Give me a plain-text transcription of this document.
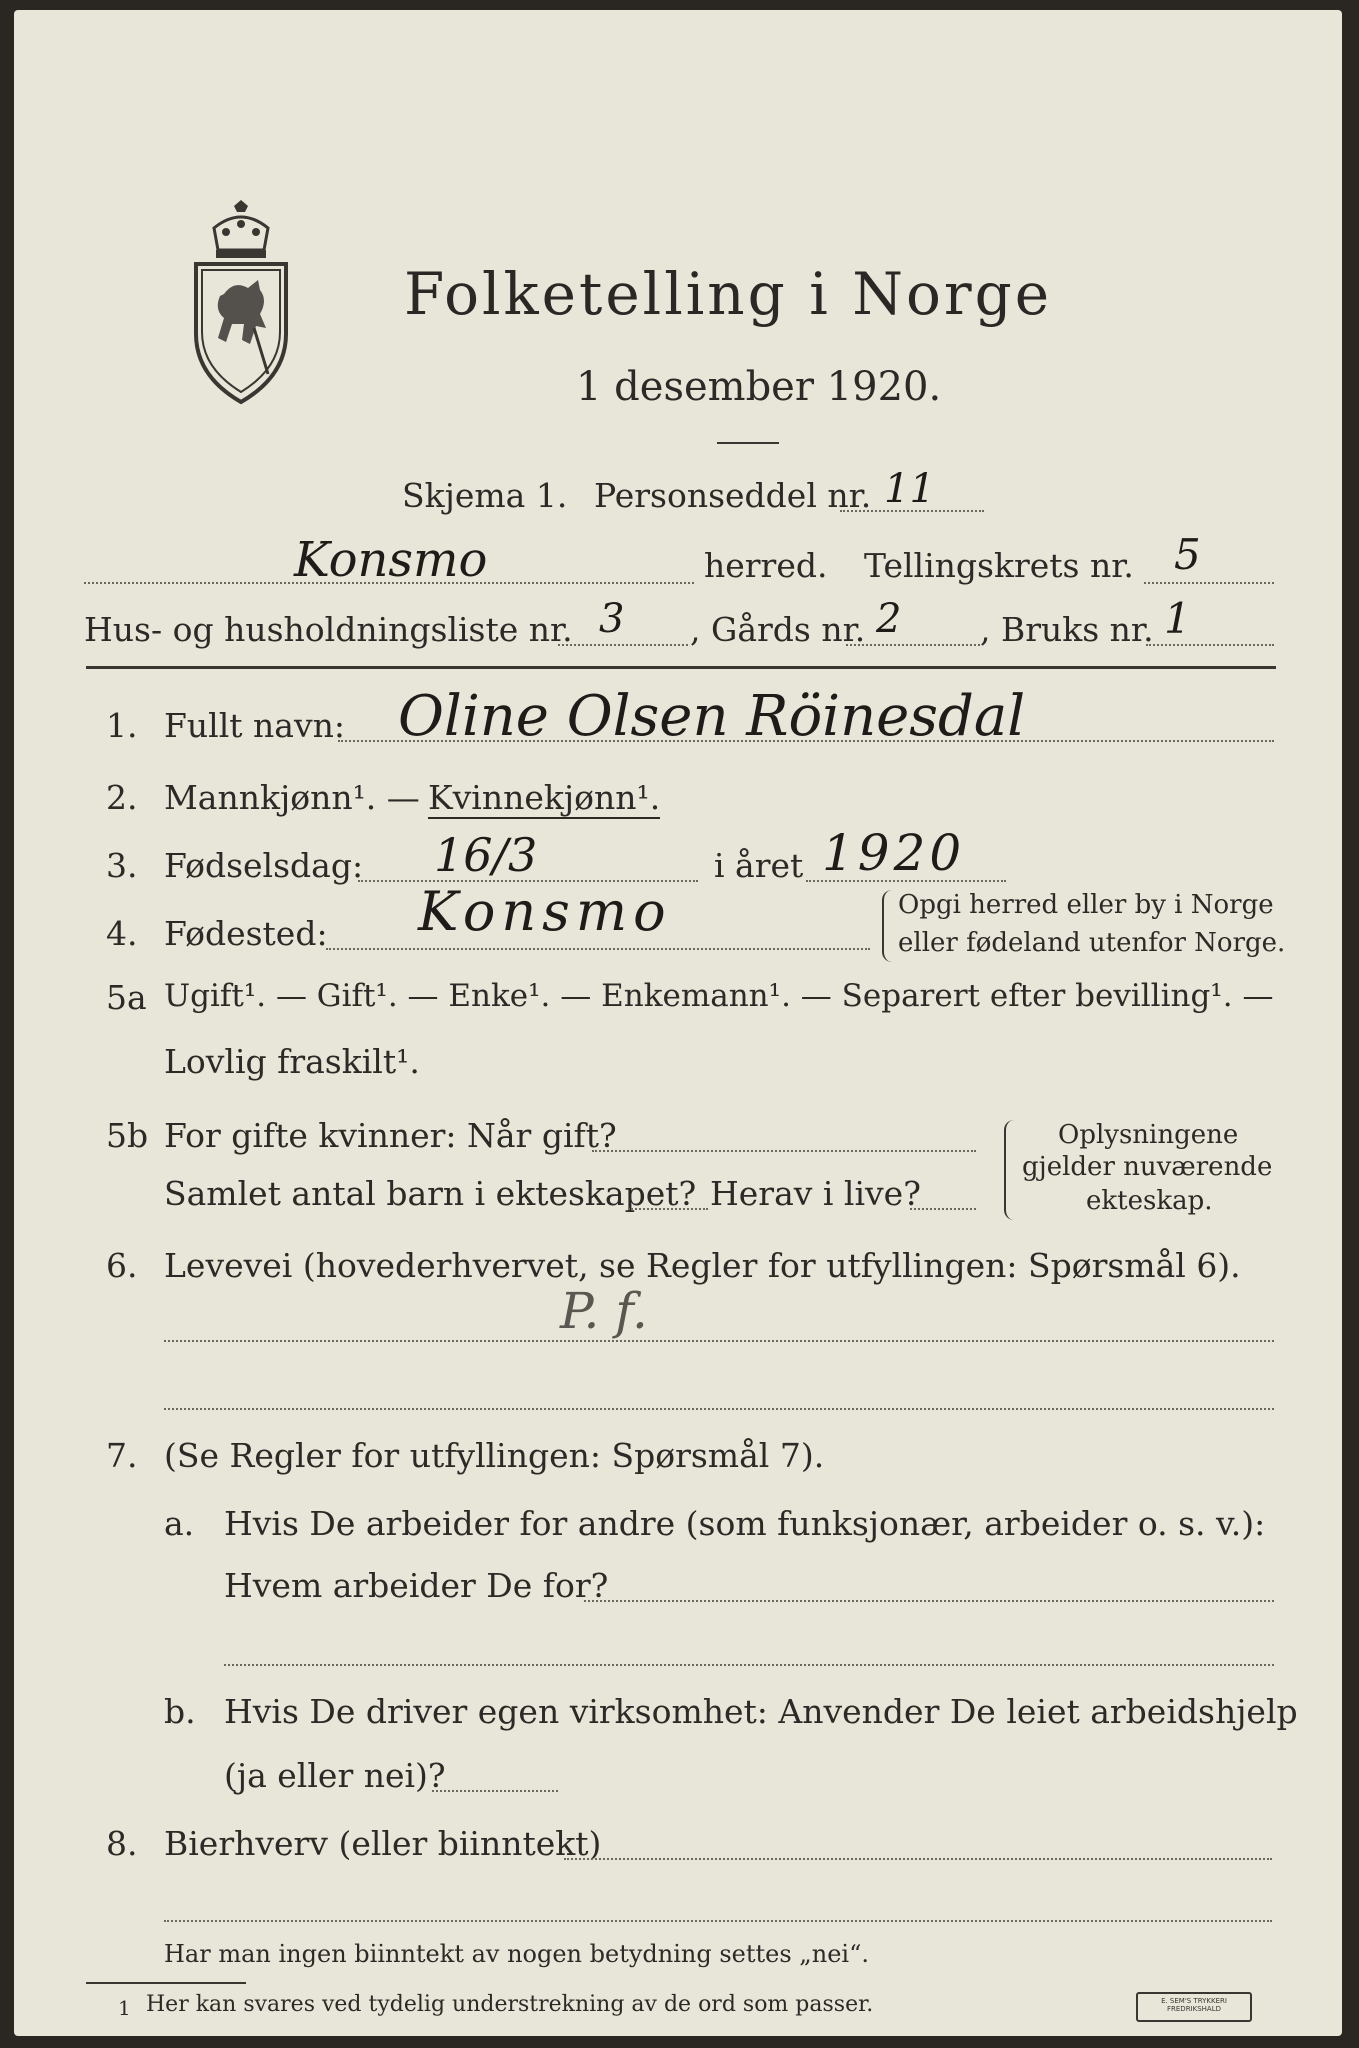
Folketelling i Norge
1 desember 1920.
Skjema 1. Personseddel nr. 11
Konsmo	herred. Tellingskrets nr. 5
Hus- og husholdningsliste nr. 3 , Gårds nr. 2 , Bruks nr. 1
1. Fullt navn: Oline Olsen Röinesdal
2. Mannkjønn¹. — Kvinnekjønn¹.
3. Fødselsdag: 16/3	i året 1920
4. Fødested: Konsmo	Opgi herred eller by i Norge
eller fødeland utenfor Norge.
5a Ugift¹. — Gift¹. — Enke¹. — Enkemann¹. — Separert efter bevilling¹. —
Lovlig fraskilt¹.
5b For gifte kvinner: Når gift?
Samlet antal barn i ekteskapet? Herav i live?
Oplysningene
gjelder nuværende
ekteskap.
6. Levevei (hovederhvervet, se Regler for utfyllingen: Spørsmål 6).
P. f.
7. (Se Regler for utfyllingen: Spørsmål 7).
a. Hvis De arbeider for andre (som funksjonær, arbeider o. s. v.):
Hvem arbeider De for?
b. Hvis De driver egen virksomhet: Anvender De leiet arbeidshjelp
(ja eller nei)?
8. Bierhverv (eller biinntekt)
Har man ingen biinntekt av nogen betydning settes „nei“.
1 Her kan svares ved tydelig understrekning av de ord som passer.	E. SEM'S TRYKKERI FREDRIKSHALD
